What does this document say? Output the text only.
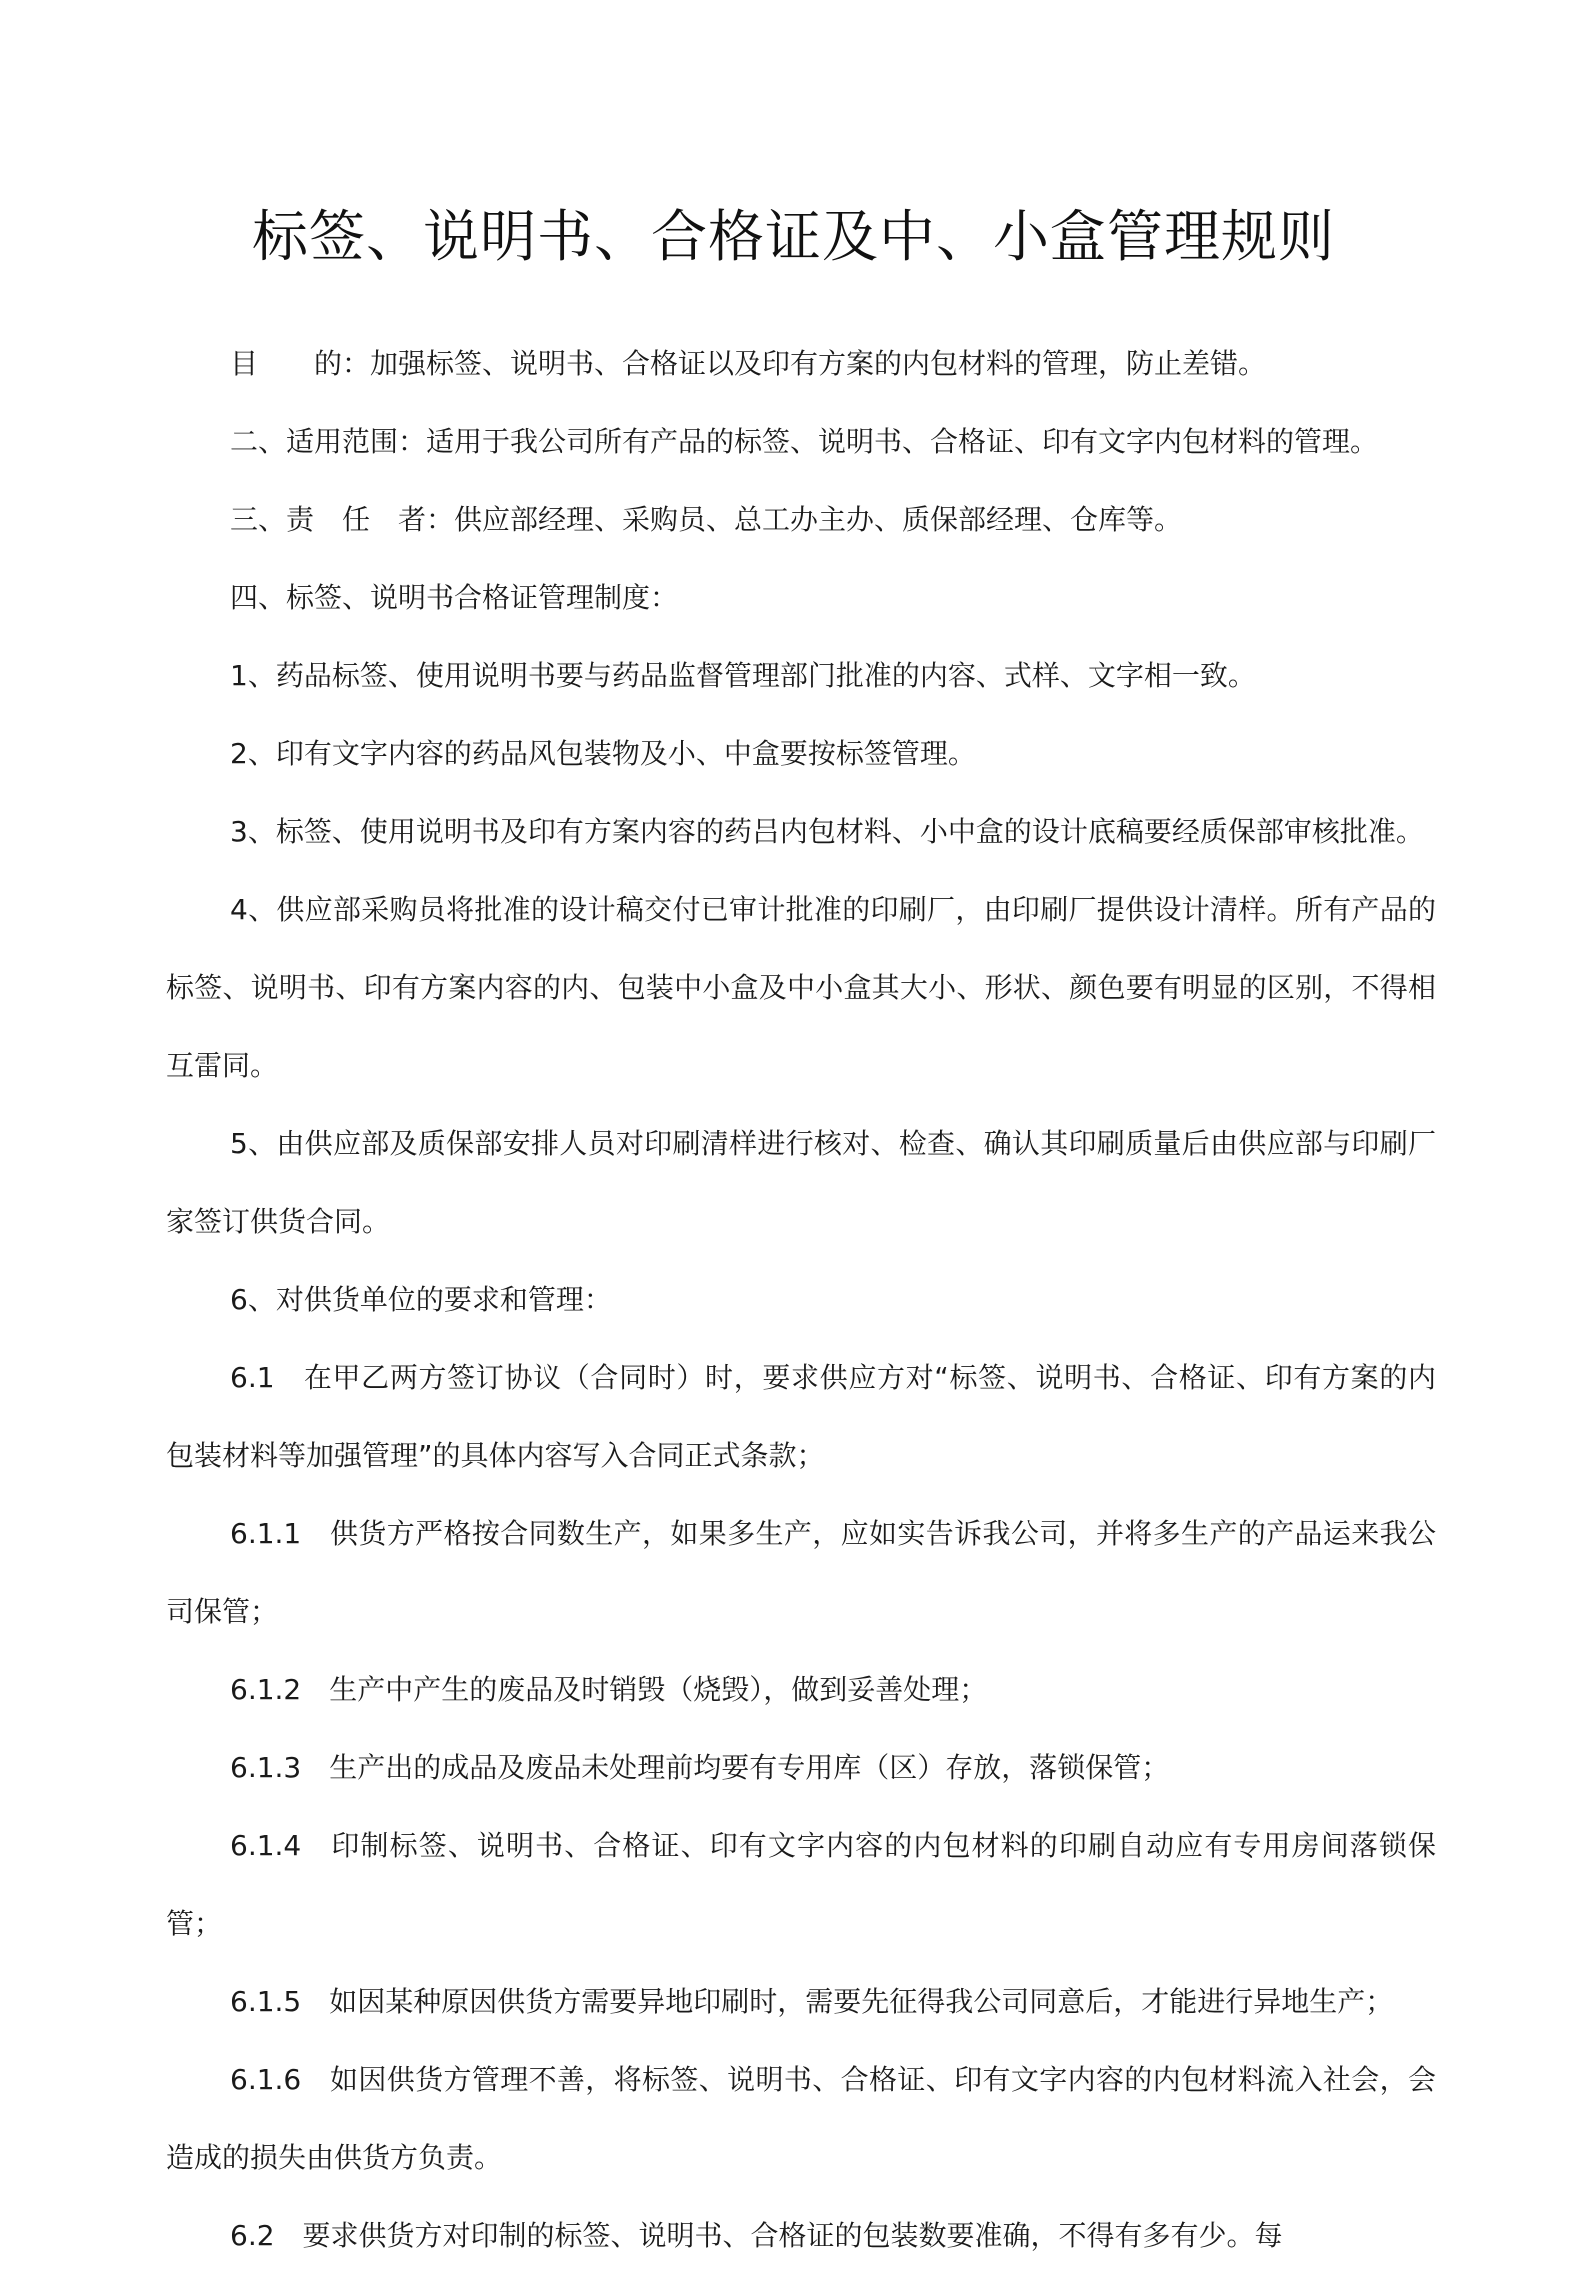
标签、说明书、合格证及中、小盒管理规则
目　　的：加强标签、说明书、合格证以及印有方案的内包材料的管理，防止差错。
二、适用范围：适用于我公司所有产品的标签、说明书、合格证、印有文字内包材料的管理。
三、责　任　者：供应部经理、采购员、总工办主办、质保部经理、仓库等。
四、标签、说明书合格证管理制度：
1、药品标签、使用说明书要与药品监督管理部门批准的内容、式样、文字相一致。
2、印有文字内容的药品风包装物及小、中盒要按标签管理。
3、标签、使用说明书及印有方案内容的药吕内包材料、小中盒的设计底稿要经质保部审核批准。
4、供应部采购员将批准的设计稿交付已审计批准的印刷厂，由印刷厂提供设计清样。所有产品的标签、说明书、印有方案内容的内、包装中小盒及中小盒其大小、形状、颜色要有明显的区别，不得相互雷同。
5、由供应部及质保部安排人员对印刷清样进行核对、检查、确认其印刷质量后由供应部与印刷厂家签订供货合同。
6、对供货单位的要求和管理：
6.1　在甲乙两方签订协议（合同时）时，要求供应方对“标签、说明书、合格证、印有方案的内包装材料等加强管理”的具体内容写入合同正式条款；
6.1.1　供货方严格按合同数生产，如果多生产，应如实告诉我公司，并将多生产的产品运来我公司保管；
6.1.2　生产中产生的废品及时销毁（烧毁），做到妥善处理；
6.1.3　生产出的成品及废品未处理前均要有专用库（区）存放，落锁保管；
6.1.4　印制标签、说明书、合格证、印有文字内容的内包材料的印刷自动应有专用房间落锁保管；
6.1.5　如因某种原因供货方需要异地印刷时，需要先征得我公司同意后，才能进行异地生产；
6.1.6　如因供货方管理不善，将标签、说明书、合格证、印有文字内容的内包材料流入社会，会造成的损失由供货方负责。
6.2　要求供货方对印制的标签、说明书、合格证的包装数要准确，不得有多有少。每
